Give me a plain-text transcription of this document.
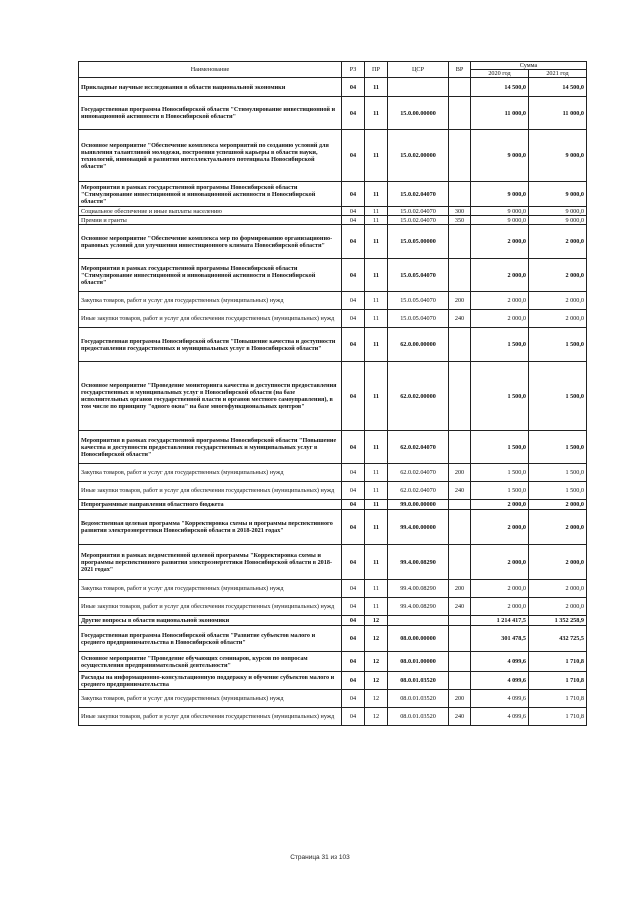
Наименование	РЗ	ПР	ЦСР	ВР	Сумма	
					2020 год	2021 год
Прикладные научные исследования в области национальной экономики	04	11			14 500,0	14 500,0
Государственная программа Новосибирской области "Стимулирование инвестиционной и инновационной активности в Новосибирской области"	04	11	15.0.00.00000		11 000,0	11 000,0
Основное мероприятие "Обеспечение комплекса мероприятий по созданию условий для выявления талантливой молодежи, построения успешной карьеры в области науки, технологий, инноваций и развития интеллектуального потенциала Новосибирской области"	04	11	15.0.02.00000		9 000,0	9 000,0
Мероприятия в рамках государственной программы Новосибирской области "Стимулирование инвестиционной и инновационной активности в Новосибирской области"	04	11	15.0.02.04070		9 000,0	9 000,0
Социальное обеспечение и иные выплаты населению	04	11	15.0.02.04070	300	9 000,0	9 000,0
Премии и гранты	04	11	15.0.02.04070	350	9 000,0	9 000,0
Основное мероприятие "Обеспечение комплекса мер по формированию организационно-правовых условий для улучшения инвестиционного климата Новосибирской области"	04	11	15.0.05.00000		2 000,0	2 000,0
Мероприятия в рамках государственной программы Новосибирской области "Стимулирование инвестиционной и инновационной активности в Новосибирской области"	04	11	15.0.05.04070		2 000,0	2 000,0
Закупка товаров, работ и услуг для государственных (муниципальных) нужд	04	11	15.0.05.04070	200	2 000,0	2 000,0
Иные закупки товаров, работ и услуг для обеспечения государственных (муниципальных) нужд	04	11	15.0.05.04070	240	2 000,0	2 000,0
Государственная программа Новосибирской области "Повышение качества и доступности предоставления государственных и муниципальных услуг в Новосибирской области"	04	11	62.0.00.00000		1 500,0	1 500,0
Основное мероприятие "Проведение мониторинга качества и доступности предоставления государственных и муниципальных услуг в Новосибирской области (на базе исполнительных органов государственной власти и органов местного самоуправления), в том числе по принципу "одного окна" на базе многофункциональных центров"	04	11	62.0.02.00000		1 500,0	1 500,0
Мероприятия в рамках государственной программы Новосибирской области "Повышение качества и доступности предоставления государственных и муниципальных услуг в Новосибирской области"	04	11	62.0.02.04070		1 500,0	1 500,0
Закупка товаров, работ и услуг для государственных (муниципальных) нужд	04	11	62.0.02.04070	200	1 500,0	1 500,0
Иные закупки товаров, работ и услуг для обеспечения государственных (муниципальных) нужд	04	11	62.0.02.04070	240	1 500,0	1 500,0
Непрограммные направления областного бюджета	04	11	99.0.00.00000		2 000,0	2 000,0
Ведомственная целевая программа "Корректировка схемы и программы перспективного развития электроэнергетики Новосибирской области в 2018-2021 годах"	04	11	99.4.00.00000		2 000,0	2 000,0
Мероприятия в рамках ведомственной целевой программы "Корректировка схемы и программы перспективного развития электроэнергетики Новосибирской области в 2018-2021 годах"	04	11	99.4.00.08290		2 000,0	2 000,0
Закупка товаров, работ и услуг для государственных (муниципальных) нужд	04	11	99.4.00.08290	200	2 000,0	2 000,0
Иные закупки товаров, работ и услуг для обеспечения государственных (муниципальных) нужд	04	11	99.4.00.08290	240	2 000,0	2 000,0
Другие вопросы в области национальной экономики	04	12			1 214 417,5	1 352 258,9
Государственная программа Новосибирской области "Развитие субъектов малого и среднего предпринимательства в Новосибирской области"	04	12	08.0.00.00000		301 478,5	432 725,5
Основное мероприятие "Проведение обучающих семинаров, курсов по вопросам осуществления предпринимательской деятельности"	04	12	08.0.01.00000		4 099,6	1 710,8
Расходы на информационно-консультационную поддержку и обучение субъектов малого и среднего предпринимательства	04	12	08.0.01.03520		4 099,6	1 710,8
Закупка товаров, работ и услуг для государственных (муниципальных) нужд	04	12	08.0.01.03520	200	4 099,6	1 710,8
Иные закупки товаров, работ и услуг для обеспечения государственных (муниципальных) нужд	04	12	08.0.01.03520	240	4 099,6	1 710,8
Страница 31 из 103
